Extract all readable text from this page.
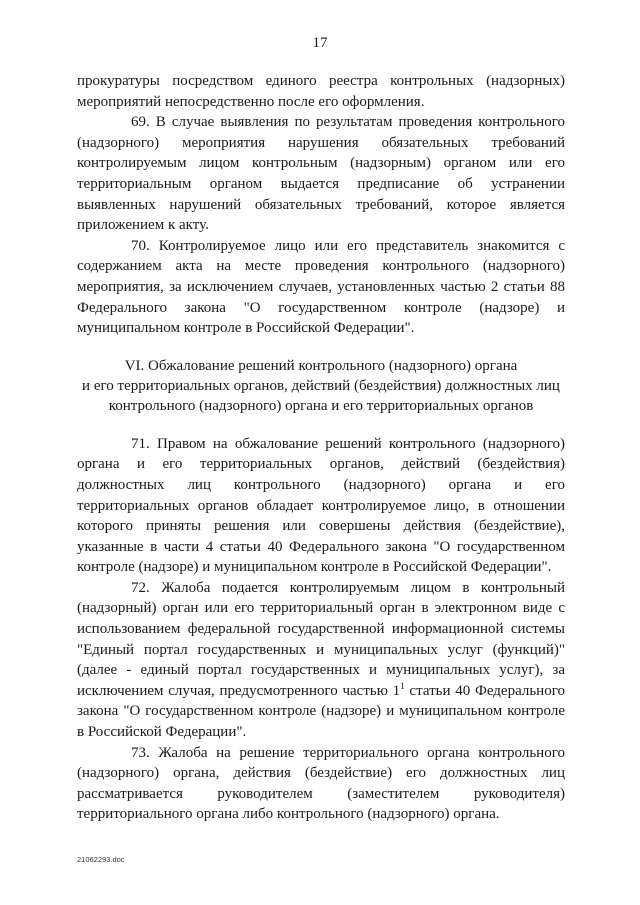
17

прокуратуры посредством единого реестра контрольных (надзорных) мероприятий непосредственно после его оформления.

69. В случае выявления по результатам проведения контрольного (надзорного) мероприятия нарушения обязательных требований контролируемым лицом контрольным (надзорным) органом или его территориальным органом выдается предписание об устранении выявленных нарушений обязательных требований, которое является приложением к акту.

70. Контролируемое лицо или его представитель знакомится с содержанием акта на месте проведения контрольного (надзорного) мероприятия, за исключением случаев, установленных частью 2 статьи 88 Федерального закона "О государственном контроле (надзоре) и муниципальном контроле в Российской Федерации".

VI. Обжалование решений контрольного (надзорного) органа
и его территориальных органов, действий (бездействия) должностных лиц
контрольного (надзорного) органа и его территориальных органов

71. Правом на обжалование решений контрольного (надзорного) органа и его территориальных органов, действий (бездействия) должностных лиц контрольного (надзорного) органа и его территориальных органов обладает контролируемое лицо, в отношении которого приняты решения или совершены действия (бездействие), указанные в части 4 статьи 40 Федерального закона "О государственном контроле (надзоре) и муниципальном контроле в Российской Федерации".

72. Жалоба подается контролируемым лицом в контрольный (надзорный) орган или его территориальный орган в электронном виде с использованием федеральной государственной информационной системы "Единый портал государственных и муниципальных услуг (функций)" (далее - единый портал государственных и муниципальных услуг), за исключением случая, предусмотренного частью $1^1$ статьи 40 Федерального закона "О государственном контроле (надзоре) и муниципальном контроле в Российской Федерации".

73. Жалоба на решение территориального органа контрольного (надзорного) органа, действия (бездействие) его должностных лиц рассматривается руководителем (заместителем руководителя) территориального органа либо контрольного (надзорного) органа.

21062293.doc
